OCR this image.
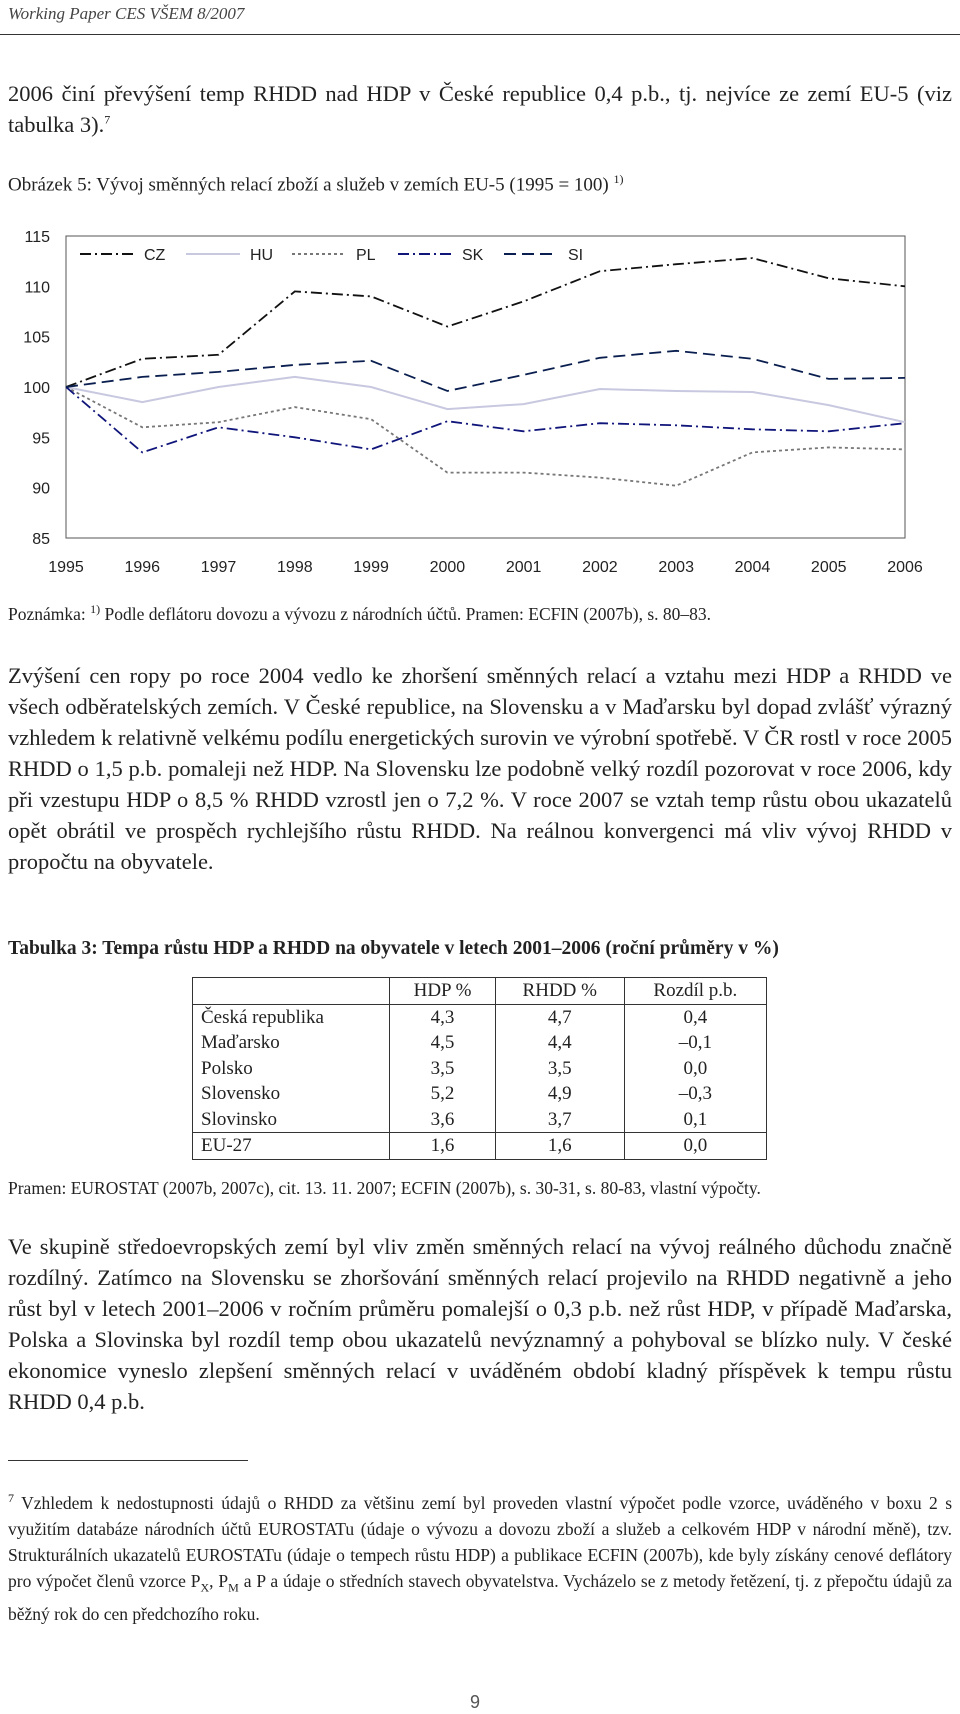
Working Paper CES VŠEM 8/2007

2006 činí převýšení temp RHDD nad HDP v České republice 0,4 p.b., tj. nejvíce ze zemí EU-5 (viz tabulka 3).$^7$

Obrázek 5: Vývoj směnných relací zboží a služeb v zemích EU-5 (1995 = 100) $^{1)}$
85
90
95
100
105
110
115
1995	1996	1997	1998	1999	2000	2001	2002	2003	2004	2005	2006
CZ	HU	PL	SK	SI
Poznámka: $^{1)}$ Podle deflátoru dovozu a vývozu z národních účtů. Pramen: ECFIN (2007b), s. 80–83.

Zvýšení cen ropy po roce 2004 vedlo ke zhoršení směnných relací a vztahu mezi HDP a RHDD ve všech odběratelských zemích. V České republice, na Slovensku a v Maďarsku byl dopad zvlášť výrazný vzhledem k relativně velkému podílu energetických surovin ve výrobní spotřebě. V ČR rostl v roce 2005 RHDD o 1,5 p.b. pomaleji než HDP. Na Slovensku lze podobně velký rozdíl pozorovat v roce 2006, kdy při vzestupu HDP o 8,5 % RHDD vzrostl jen o 7,2 %. V roce 2007 se vztah temp růstu obou ukazatelů opět obrátil ve prospěch rychlejšího růstu RHDD. Na reálnou konvergenci má vliv vývoj RHDD v propočtu na obyvatele.

Tabulka 3: Tempa růstu HDP a RHDD na obyvatele v letech 2001–2006 (roční průměry v %)
	HDP %	RHDD %	Rozdíl p.b.
Česká republika	4,3	4,7	0,4
Maďarsko	4,5	4,4	–0,1
Polsko	3,5	3,5	0,0
Slovensko	5,2	4,9	–0,3
Slovinsko	3,6	3,7	0,1
EU-27	1,6	1,6	0,0
Pramen: EUROSTAT (2007b, 2007c), cit. 13. 11. 2007; ECFIN (2007b), s. 30-31, s. 80-83, vlastní výpočty.

Ve skupině středoevropských zemí byl vliv změn směnných relací na vývoj reálného důchodu značně rozdílný. Zatímco na Slovensku se zhoršování směnných relací projevilo na RHDD negativně a jeho růst byl v letech 2001–2006 v ročním průměru pomalejší o 0,3 p.b. než růst HDP, v případě Maďarska, Polska a Slovinska byl rozdíl temp obou ukazatelů nevýznamný a pohyboval se blízko nuly. V české ekonomice vyneslo zlepšení směnných relací v uváděném období kladný příspěvek k tempu růstu RHDD 0,4 p.b.

$^7$ Vzhledem k nedostupnosti údajů o RHDD za většinu zemí byl proveden vlastní výpočet podle vzorce, uváděného v boxu 2 s využitím databáze národních účtů EUROSTATu (údaje o vývozu a dovozu zboží a služeb a celkovém HDP v národní měně), tzv. Strukturálních ukazatelů EUROSTATu (údaje o tempech růstu HDP) a publikace ECFIN (2007b), kde byly získány cenové deflátory pro výpočet členů vzorce $P_X$, $P_M$ a P a údaje o středních stavech obyvatelstva. Vycházelo se z metody řetězení, tj. z přepočtu údajů za běžný rok do cen předchozího roku.

9
